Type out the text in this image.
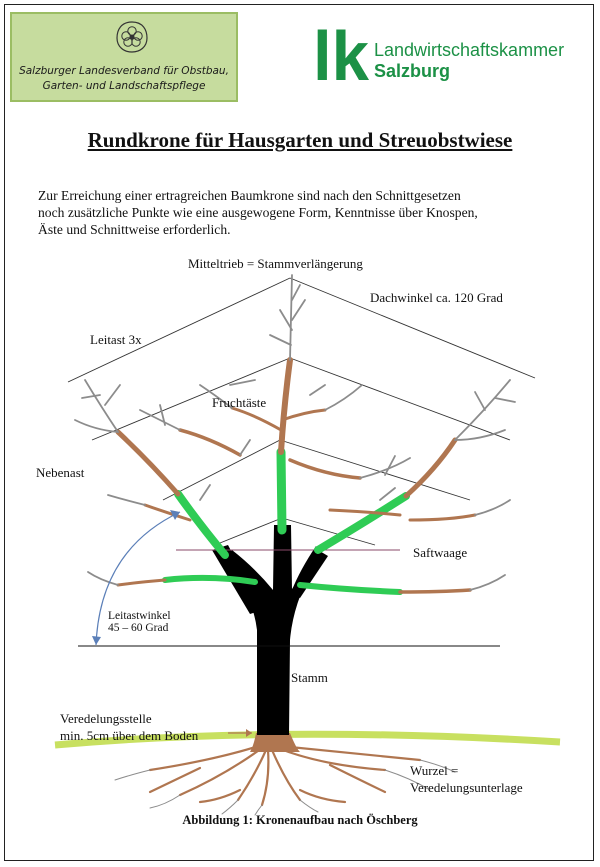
Salzburger Landesverband für Obstbau,
Garten- und Landschaftspflege	lk Landwirtschaftskammer
Salzburg
Rundkrone für Hausgarten und Streuobstwiese
Zur Erreichung einer ertragreichen Baumkrone sind nach den Schnittgesetzen
noch zusätzliche Punkte wie eine ausgewogene Form, Kenntnisse über Knospen,
Äste und Schnittweise erforderlich.
Mitteltrieb = Stammverlängerung
Dachwinkel ca. 120 Grad
Leitast 3x
Fruchtäste
Nebenast
Saftwaage
Leitastwinkel
45 – 60 Grad
Stamm
Veredelungsstelle
min. 5cm über dem Boden
Wurzel =
Veredelungsunterlage
Abbildung 1: Kronenaufbau nach Öschberg
